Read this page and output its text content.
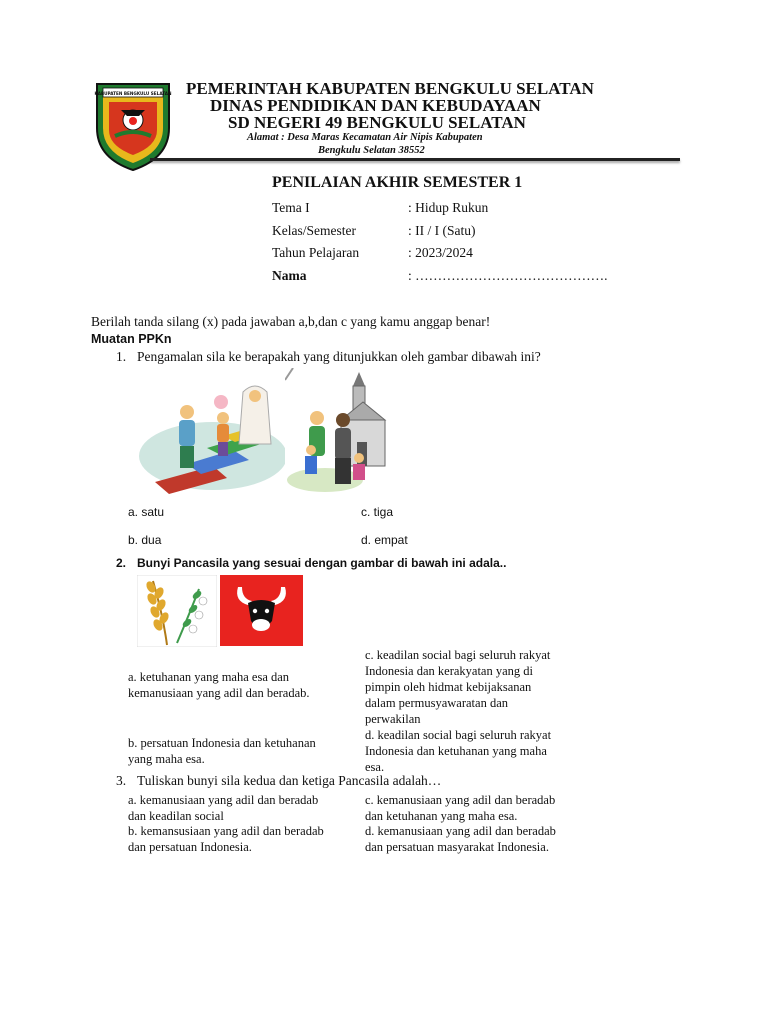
KABUPATEN BENGKULU SELATAN PEMERINTAH KABUPATEN BENGKULU SELATAN
DINAS PENDIDIKAN DAN KEBUDAYAAN
SD NEGERI 49 BENGKULU SELATAN
Alamat : Desa Maras Kecamatan Air Nipis Kabupaten
Bengkulu Selatan 38552
PENILAIAN AKHIR SEMESTER 1
Tema I	: Hidup Rukun
Kelas/Semester	: II / I (Satu)
Tahun Pelajaran	: 2023/2024
Nama	: …………………………………….
Berilah tanda silang (x) pada jawaban a,b,dan c yang kamu anggap benar!
Muatan PPKn
1. Pengamalan sila ke berapakah yang ditunjukkan oleh gambar dibawah ini?
a. satu	c. tiga
b. dua	d. empat
2. Bunyi Pancasila yang sesuai dengan gambar di bawah ini adala..
a. ketuhanan yang maha esa dan
kemanusiaan yang adil dan beradab.
b. persatuan Indonesia dan ketuhanan
yang maha esa.
c. keadilan social bagi seluruh rakyat
Indonesia dan kerakyatan yang di
pimpin oleh hidmat kebijaksanan
dalam permusyawaratan dan
perwakilan
d. keadilan social bagi seluruh rakyat
Indonesia dan ketuhanan yang maha
esa.
3. Tuliskan bunyi sila kedua dan ketiga Pancasila adalah…
a. kemanusiaan yang adil dan beradab
dan keadilan social
b. kemansusiaan yang adil dan beradab
dan persatuan Indonesia.
c. kemanusiaan yang adil dan beradab
dan ketuhanan yang maha esa.
d. kemanusiaan yang adil dan beradab
dan persatuan masyarakat Indonesia.
